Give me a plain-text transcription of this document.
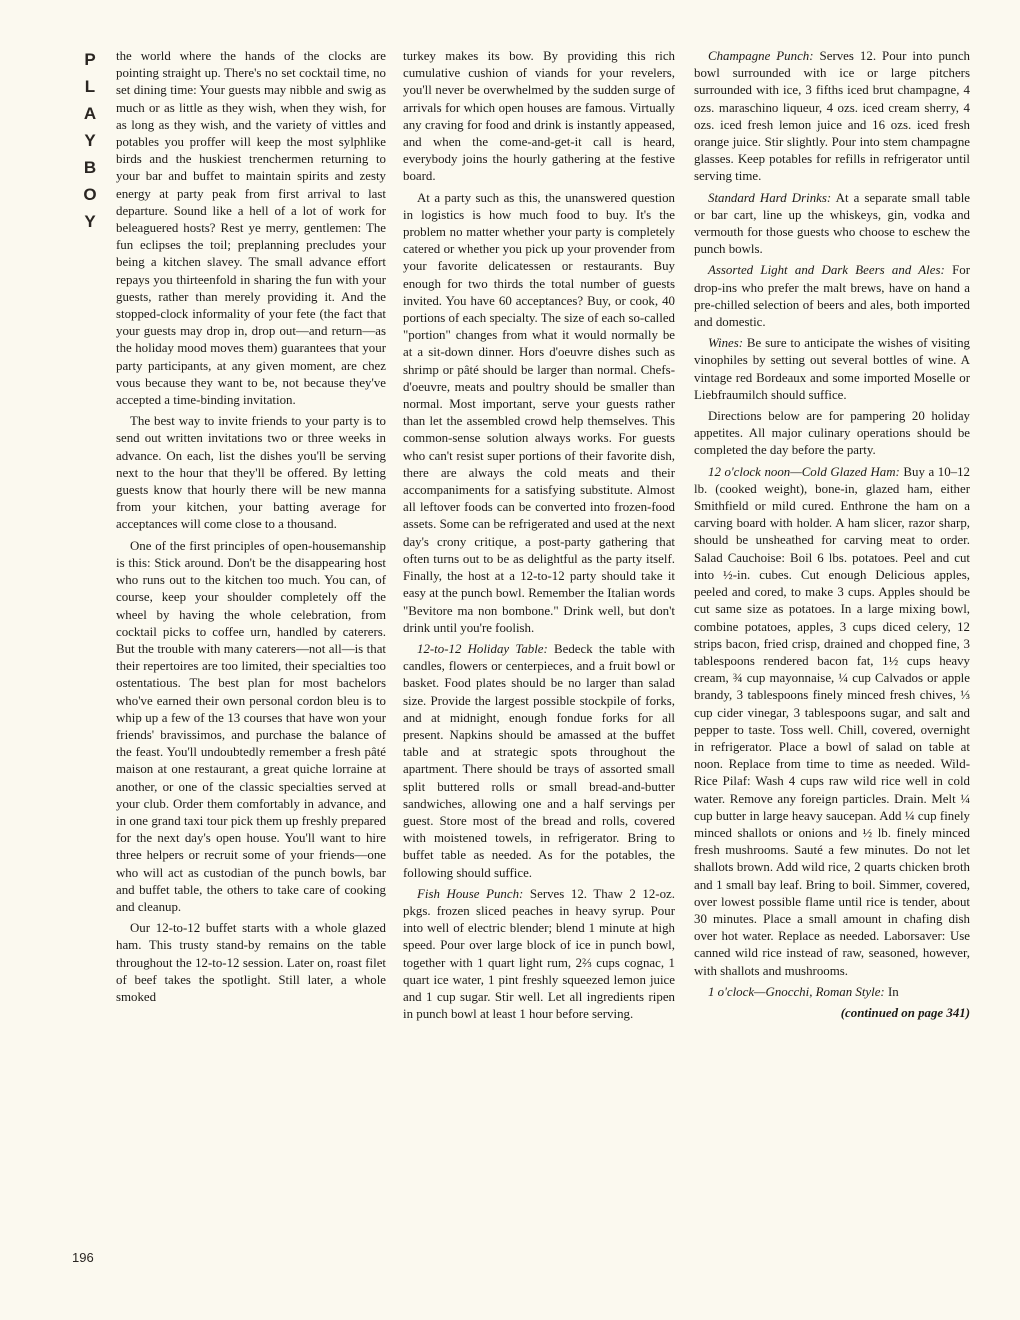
P
L
A
Y
B
O
Y

the world where the hands of the clocks are pointing straight up. There's no set cocktail time, no set dining time: Your guests may nibble and swig as much or as little as they wish, when they wish, for as long as they wish, and the variety of vittles and potables you proffer will keep the most sylphlike birds and the huskiest trenchermen returning to your bar and buffet to maintain spirits and zesty energy at party peak from first arrival to last departure. Sound like a hell of a lot of work for beleaguered hosts? Rest ye merry, gentlemen: The fun eclipses the toil; preplanning precludes your being a kitchen slavey. The small advance effort repays you thirteenfold in sharing the fun with your guests, rather than merely providing it. And the stopped-clock informality of your fete (the fact that your guests may drop in, drop out—and return—as the holiday mood moves them) guarantees that your party participants, at any given moment, are chez vous because they want to be, not because they've accepted a time-binding invitation.

The best way to invite friends to your party is to send out written invitations two or three weeks in advance. On each, list the dishes you'll be serving next to the hour that they'll be offered. By letting guests know that hourly there will be new manna from your kitchen, your batting average for acceptances will come close to a thousand.

One of the first principles of open-housemanship is this: Stick around. Don't be the disappearing host who runs out to the kitchen too much. You can, of course, keep your shoulder completely off the wheel by having the whole celebration, from cocktail picks to coffee urn, handled by caterers. But the trouble with many caterers—not all—is that their repertoires are too limited, their specialties too ostentatious. The best plan for most bachelors who've earned their own personal cordon bleu is to whip up a few of the 13 courses that have won your friends' bravissimos, and purchase the balance of the feast. You'll undoubtedly remember a fresh pâté maison at one restaurant, a great quiche lorraine at another, or one of the classic specialties served at your club. Order them comfortably in advance, and in one grand taxi tour pick them up freshly prepared for the next day's open house. You'll want to hire three helpers or recruit some of your friends—one who will act as custodian of the punch bowls, bar and buffet table, the others to take care of cooking and cleanup.

Our 12-to-12 buffet starts with a whole glazed ham. This trusty stand-by remains on the table throughout the 12-to-12 session. Later on, roast filet of beef takes the spotlight. Still later, a whole smoked

turkey makes its bow. By providing this rich cumulative cushion of viands for your revelers, you'll never be overwhelmed by the sudden surge of arrivals for which open houses are famous. Virtually any craving for food and drink is instantly appeased, and when the come-and-get-it call is heard, everybody joins the hourly gathering at the festive board.

At a party such as this, the unanswered question in logistics is how much food to buy. It's the problem no matter whether your party is completely catered or whether you pick up your provender from your favorite delicatessen or restaurants. Buy enough for two thirds the total number of guests invited. You have 60 acceptances? Buy, or cook, 40 portions of each specialty. The size of each so-called "portion" changes from what it would normally be at a sit-down dinner. Hors d'oeuvre dishes such as shrimp or pâté should be larger than normal. Chefs-d'oeuvre, meats and poultry should be smaller than normal. Most important, serve your guests rather than let the assembled crowd help themselves. This common-sense solution always works. For guests who can't resist super portions of their favorite dish, there are always the cold meats and their accompaniments for a satisfying substitute. Almost all leftover foods can be converted into frozen-food assets. Some can be refrigerated and used at the next day's crony critique, a post-party gathering that often turns out to be as delightful as the party itself. Finally, the host at a 12-to-12 party should take it easy at the punch bowl. Remember the Italian words "Bevitore ma non bombone." Drink well, but don't drink until you're foolish.

12-to-12 Holiday Table: Bedeck the table with candles, flowers or centerpieces, and a fruit bowl or basket. Food plates should be no larger than salad size. Provide the largest possible stockpile of forks, and at midnight, enough fondue forks for all present. Napkins should be amassed at the buffet table and at strategic spots throughout the apartment. There should be trays of assorted small split buttered rolls or small bread-and-butter sandwiches, allowing one and a half servings per guest. Store most of the bread and rolls, covered with moistened towels, in refrigerator. Bring to buffet table as needed. As for the potables, the following should suffice.

Fish House Punch: Serves 12. Thaw 2 12-oz. pkgs. frozen sliced peaches in heavy syrup. Pour into well of electric blender; blend 1 minute at high speed. Pour over large block of ice in punch bowl, together with 1 quart light rum, 2⅔ cups cognac, 1 quart ice water, 1 pint freshly squeezed lemon juice and 1 cup sugar. Stir well. Let all ingredients ripen in punch bowl at least 1 hour before serving.

Champagne Punch: Serves 12. Pour into punch bowl surrounded with ice or large pitchers surrounded with ice, 3 fifths iced brut champagne, 4 ozs. maraschino liqueur, 4 ozs. iced cream sherry, 4 ozs. iced fresh lemon juice and 16 ozs. iced fresh orange juice. Stir slightly. Pour into stem champagne glasses. Keep potables for refills in refrigerator until serving time.

Standard Hard Drinks: At a separate small table or bar cart, line up the whiskeys, gin, vodka and vermouth for those guests who choose to eschew the punch bowls.

Assorted Light and Dark Beers and Ales: For drop-ins who prefer the malt brews, have on hand a pre-chilled selection of beers and ales, both imported and domestic.

Wines: Be sure to anticipate the wishes of visiting vinophiles by setting out several bottles of wine. A vintage red Bordeaux and some imported Moselle or Liebfraumilch should suffice.

Directions below are for pampering 20 holiday appetites. All major culinary operations should be completed the day before the party.

12 o'clock noon—Cold Glazed Ham: Buy a 10–12 lb. (cooked weight), bone-in, glazed ham, either Smithfield or mild cured. Enthrone the ham on a carving board with holder. A ham slicer, razor sharp, should be unsheathed for carving meat to order. Salad Cauchoise: Boil 6 lbs. potatoes. Peel and cut into ½-in. cubes. Cut enough Delicious apples, peeled and cored, to make 3 cups. Apples should be cut same size as potatoes. In a large mixing bowl, combine potatoes, apples, 3 cups diced celery, 12 strips bacon, fried crisp, drained and chopped fine, 3 tablespoons rendered bacon fat, 1½ cups heavy cream, ¾ cup mayonnaise, ¼ cup Calvados or apple brandy, 3 tablespoons finely minced fresh chives, ⅓ cup cider vinegar, 3 tablespoons sugar, and salt and pepper to taste. Toss well. Chill, covered, overnight in refrigerator. Place a bowl of salad on table at noon. Replace from time to time as needed. Wild-Rice Pilaf: Wash 4 cups raw wild rice well in cold water. Remove any foreign particles. Drain. Melt ¼ cup butter in large heavy saucepan. Add ¼ cup finely minced shallots or onions and ½ lb. finely minced fresh mushrooms. Sauté a few minutes. Do not let shallots brown. Add wild rice, 2 quarts chicken broth and 1 small bay leaf. Bring to boil. Simmer, covered, over lowest possible flame until rice is tender, about 30 minutes. Place a small amount in chafing dish over hot water. Replace as needed. Laborsaver: Use canned wild rice instead of raw, seasoned, however, with shallots and mushrooms.

1 o'clock—Gnocchi, Roman Style: In

(continued on page 341)

196
